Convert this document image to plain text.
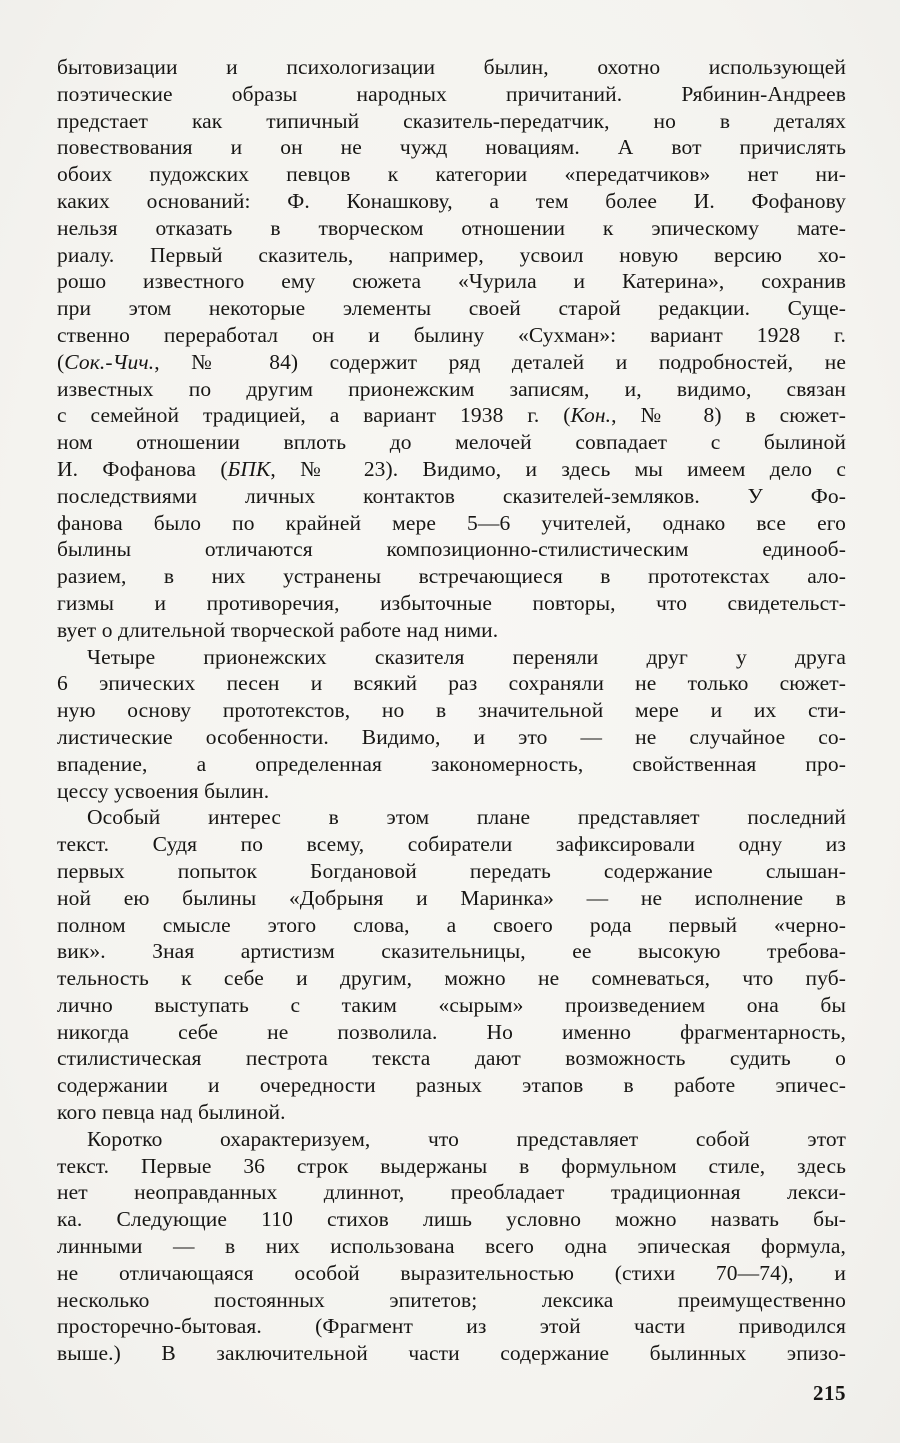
бытовизации и психологизации былин, охотно использующей
поэтические образы народных причитаний. Рябинин-Андреев
предстает как типичный сказитель-передатчик, но в деталях
повествования и он не чужд новациям. А вот причислять
обоих пудожских певцов к категории «передатчиков» нет ни-
каких оснований: Ф. Конашкову, а тем более И. Фофанову
нельзя отказать в творческом отношении к эпическому мате-
риалу. Первый сказитель, например, усвоил новую версию хо-
рошо известного ему сюжета «Чурила и Катерина», сохранив
при этом некоторые элементы своей старой редакции. Суще-
ственно переработал он и былину «Сухман»: вариант 1928 г.
(Сок.-Чич., № 84) содержит ряд деталей и подробностей, не
известных по другим прионежским записям, и, видимо, связан
с семейной традицией, а вариант 1938 г. (Кон., № 8) в сюжет-
ном отношении вплоть до мелочей совпадает с былиной
И. Фофанова (БПК, № 23). Видимо, и здесь мы имеем дело с
последствиями личных контактов сказителей-земляков. У Фо-
фанова было по крайней мере 5—6 учителей, однако все его
былины отличаются композиционно-стилистическим единооб-
разием, в них устранены встречающиеся в прототекстах ало-
гизмы и противоречия, избыточные повторы, что свидетельст-
вует о длительной творческой работе над ними.
Четыре прионежских сказителя переняли друг у друга
6 эпических песен и всякий раз сохраняли не только сюжет-
ную основу прототекстов, но в значительной мере и их сти-
листические особенности. Видимо, и это — не случайное со-
впадение, а определенная закономерность, свойственная про-
цессу усвоения былин.
Особый интерес в этом плане представляет последний
текст. Судя по всему, собиратели зафиксировали одну из
первых попыток Богдановой передать содержание слышан-
ной ею былины «Добрыня и Маринка» — не исполнение в
полном смысле этого слова, а своего рода первый «черно-
вик». Зная артистизм сказительницы, ее высокую требова-
тельность к себе и другим, можно не сомневаться, что пуб-
лично выступать с таким «сырым» произведением она бы
никогда себе не позволила. Но именно фрагментарность,
стилистическая пестрота текста дают возможность судить о
содержании и очередности разных этапов в работе эпичес-
кого певца над былиной.
Коротко охарактеризуем, что представляет собой этот
текст. Первые 36 строк выдержаны в формульном стиле, здесь
нет неоправданных длиннот, преобладает традиционная лекси-
ка. Следующие 110 стихов лишь условно можно назвать бы-
линными — в них использована всего одна эпическая формула,
не отличающаяся особой выразительностью (стихи 70—74), и
несколько постоянных эпитетов; лексика преимущественно
просторечно-бытовая. (Фрагмент из этой части приводился
выше.) В заключительной части содержание былинных эпизо-
215
